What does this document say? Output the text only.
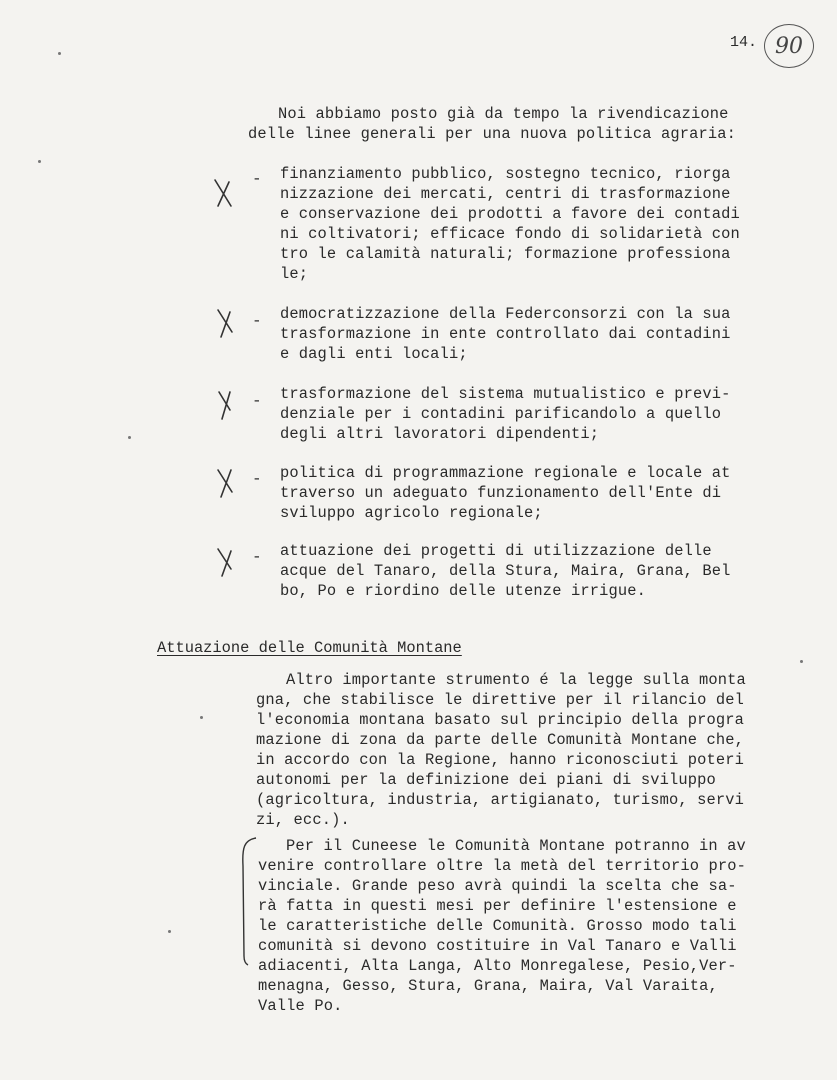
14. 90
Noi abbiamo posto già da tempo la rivendicazione
delle linee generali per una nuova politica agraria:
- finanziamento pubblico, sostegno tecnico, riorga
nizzazione dei mercati, centri di trasformazione
e conservazione dei prodotti a favore dei contadi
ni coltivatori; efficace fondo di solidarietà con
tro le calamità naturali; formazione professiona
le;
- democratizzazione della Federconsorzi con la sua
trasformazione in ente controllato dai contadini
e dagli enti locali;
- trasformazione del sistema mutualistico e previ-
denziale per i contadini parificandolo a quello
degli altri lavoratori dipendenti;
- politica di programmazione regionale e locale at
traverso un adeguato funzionamento dell'Ente di
sviluppo agricolo regionale;
- attuazione dei progetti di utilizzazione delle
acque del Tanaro, della Stura, Maira, Grana, Bel
bo, Po e riordino delle utenze irrigue.
Attuazione delle Comunità Montane
Altro importante strumento é la legge sulla monta
gna, che stabilisce le direttive per il rilancio del
l'economia montana basato sul principio della progra
mazione di zona da parte delle Comunità Montane che,
in accordo con la Regione, hanno riconosciuti poteri
autonomi per la definizione dei piani di sviluppo
(agricoltura, industria, artigianato, turismo, servi
zi, ecc.).
Per il Cuneese le Comunità Montane potranno in av
venire controllare oltre la metà del territorio pro-
vinciale. Grande peso avrà quindi la scelta che sa-
rà fatta in questi mesi per definire l'estensione e
le caratteristiche delle Comunità. Grosso modo tali
comunità si devono costituire in Val Tanaro e Valli
adiacenti, Alta Langa, Alto Monregalese, Pesio,Ver-
menagna, Gesso, Stura, Grana, Maira, Val Varaita,
Valle Po.
